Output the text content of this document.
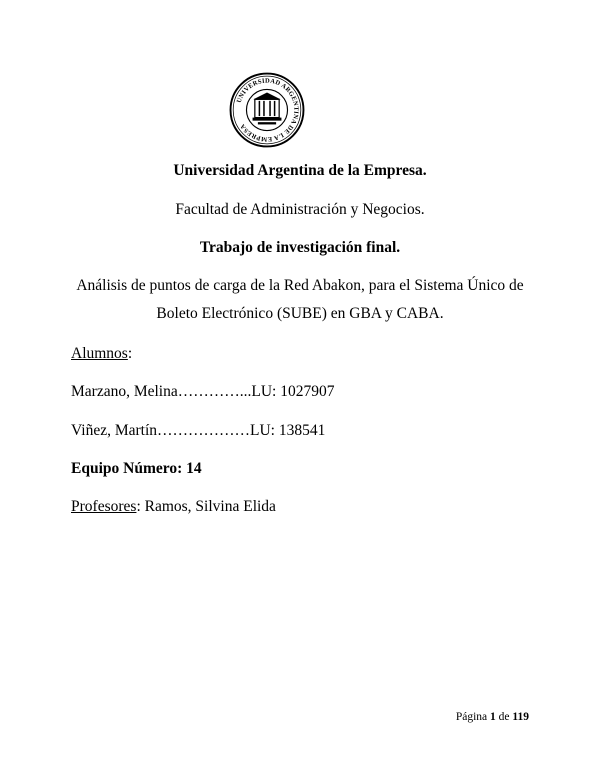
UNIVERSIDAD ARGENTINA DE LA EMPRESA
Universidad Argentina de la Empresa.
Facultad de Administración y Negocios.
Trabajo de investigación final.
Análisis de puntos de carga de la Red Abakon, para el Sistema Único de
Boleto Electrónico (SUBE) en GBA y CABA.
Alumnos:
Marzano, Melina…………...LU: 1027907
Viñez, Martín………………LU: 138541
Equipo Número: 14
Profesores: Ramos, Silvina Elida
Página 1 de 119
